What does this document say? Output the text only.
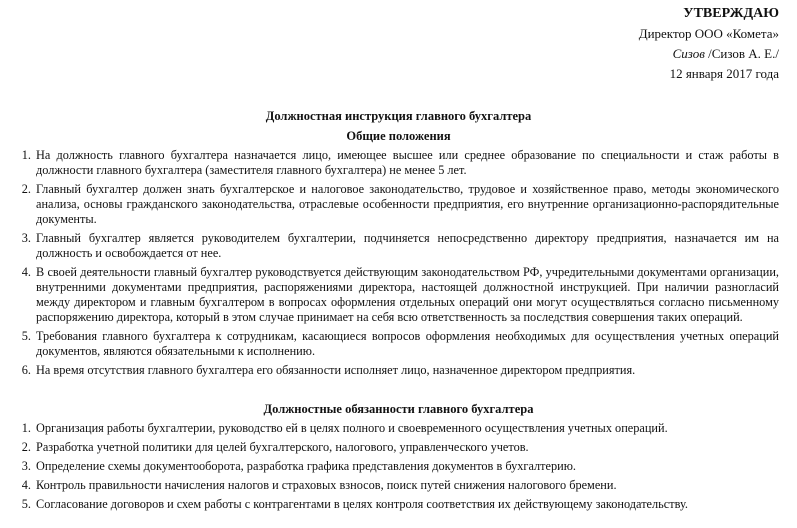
УТВЕРЖДАЮ
Директор ООО «Комета»
Сизов /Сизов А. Е./
12 января 2017 года
Должностная инструкция главного бухгалтера
Общие положения
1. На должность главного бухгалтера назначается лицо, имеющее высшее или среднее образование по специальности и стаж работы в должности главного бухгалтера (заместителя главного бухгалтера) не менее 5 лет.
2. Главный бухгалтер должен знать бухгалтерское и налоговое законодательство, трудовое и хозяйственное право, методы экономического анализа, основы гражданского законодательства, отраслевые особенности предприятия, его внутренние организационно-распорядительные документы.
3. Главный бухгалтер является руководителем бухгалтерии, подчиняется непосредственно директору предприятия, назначается им на должность и освобождается от нее.
4. В своей деятельности главный бухгалтер руководствуется действующим законодательством РФ, учредительными документами организации, внутренними документами предприятия, распоряжениями директора, настоящей должностной инструкцией. При наличии разногласий между директором и главным бухгалтером в вопросах оформления отдельных операций они могут осуществляться согласно письменному распоряжению директора, который в этом случае принимает на себя всю ответственность за последствия совершения таких операций.
5. Требования главного бухгалтера к сотрудникам, касающиеся вопросов оформления необходимых для осуществления учетных операций документов, являются обязательными к исполнению.
6. На время отсутствия главного бухгалтера его обязанности исполняет лицо, назначенное директором предприятия.
Должностные обязанности главного бухгалтера
1. Организация работы бухгалтерии, руководство ей в целях полного и своевременного осуществления учетных операций.
2. Разработка учетной политики для целей бухгалтерского, налогового, управленческого учетов.
3. Определение схемы документооборота, разработка графика представления документов в бухгалтерию.
4. Контроль правильности начисления налогов и страховых взносов, поиск путей снижения налогового бремени.
5. Согласование договоров и схем работы с контрагентами в целях контроля соответствия их действующему законодательству.
